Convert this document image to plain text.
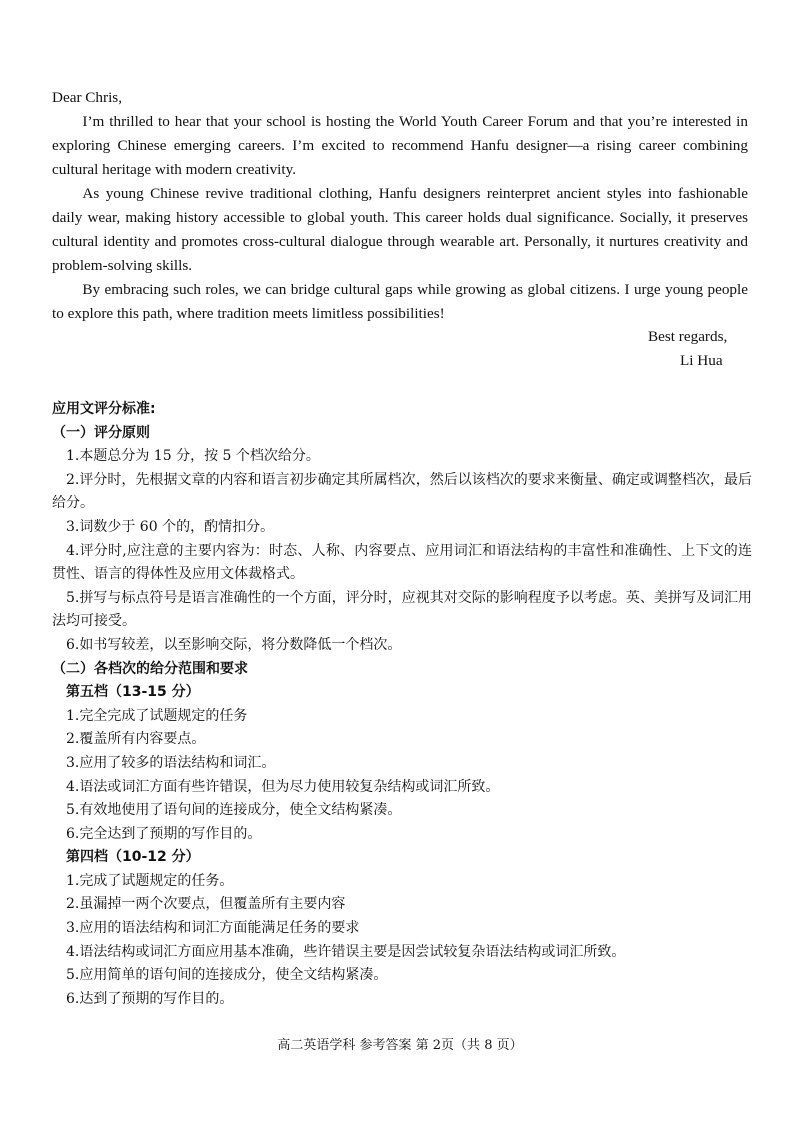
Dear Chris,

I’m thrilled to hear that your school is hosting the World Youth Career Forum and that you’re interested in exploring Chinese emerging careers. I’m excited to recommend Hanfu designer—a rising career combining cultural heritage with modern creativity.

As young Chinese revive traditional clothing, Hanfu designers reinterpret ancient styles into fashionable daily wear, making history accessible to global youth. This career holds dual significance. Socially, it preserves cultural identity and promotes cross-cultural dialogue through wearable art. Personally, it nurtures creativity and problem-solving skills.

By embracing such roles, we can bridge cultural gaps while growing as global citizens. I urge young people to explore this path, where tradition meets limitless possibilities!

Best regards,
Li Hua

应用文评分标准:

（一）评分原则

1.本题总分为 15 分，按 5 个档次给分。

2.评分时，先根据文章的内容和语言初步确定其所属档次，然后以该档次的要求来衡量、确定或调整档次，最后给分。

3.词数少于 60 个的，酌情扣分。

4.评分时,应注意的主要内容为：时态、人称、内容要点、应用词汇和语法结构的丰富性和准确性、上下文的连贯性、语言的得体性及应用文体裁格式。

5.拼写与标点符号是语言准确性的一个方面，评分时，应视其对交际的影响程度予以考虑。英、美拼写及词汇用法均可接受。

6.如书写较差，以至影响交际，将分数降低一个档次。

（二）各档次的给分范围和要求

第五档（13-15 分）

1.完全完成了试题规定的任务

2.覆盖所有内容要点。

3.应用了较多的语法结构和词汇。

4.语法或词汇方面有些许错误，但为尽力使用较复杂结构或词汇所致。

5.有效地使用了语句间的连接成分，使全文结构紧凑。

6.完全达到了预期的写作目的。

第四档（10-12 分）

1.完成了试题规定的任务。

2.虽漏掉一两个次要点，但覆盖所有主要内容

3.应用的语法结构和词汇方面能满足任务的要求

4.语法结构或词汇方面应用基本准确，些许错误主要是因尝试较复杂语法结构或词汇所致。

5.应用简单的语句间的连接成分，使全文结构紧凑。

6.达到了预期的写作目的。

高二英语学科 参考答案 第 2页（共 8 页）
